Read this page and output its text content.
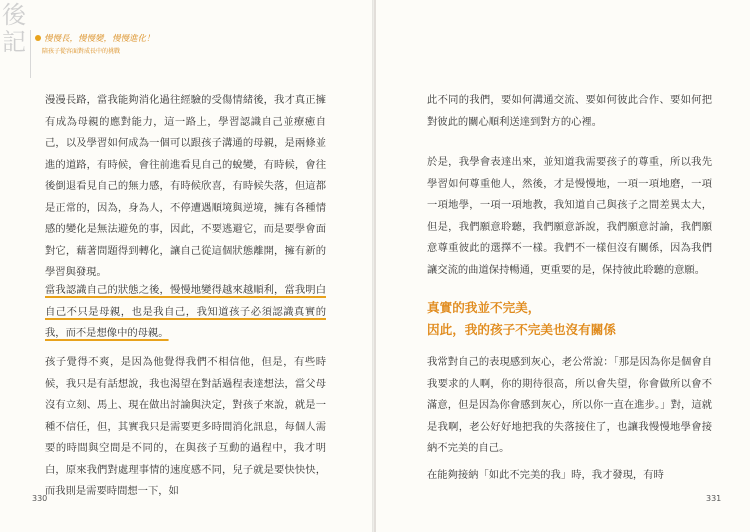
後記 慢慢長，慢慢變，慢慢進化！
陪孩子從容面對成長中的挑戰

漫漫長路，當我能夠消化過往經驗的受傷情緒後，我才真正擁有成為母親的應對能力，這一路上，學習認識自己並療癒自己，以及學習如何成為一個可以跟孩子溝通的母親，是兩條並進的道路，有時候，會往前進看見自己的蛻變，有時候，會往後倒退看見自己的無力感，有時候欣喜，有時候失落，但這都是正常的，因為，身為人，不停遭遇順境與逆境，擁有各種情感的變化是無法避免的事，因此，不要逃避它，而是要學會面對它，藉著問題得到轉化，讓自己從這個狀態離開，擁有新的學習與發現。

當我認識自己的狀態之後，慢慢地變得越來越順利，當我明白自己不只是母親，也是我自己，我知道孩子必須認識真實的我，而不是想像中的母親。

孩子覺得不爽，是因為他覺得我們不相信他，但是，有些時候，我只是有話想說，我也渴望在對話過程表達想法，當父母沒有立刻、馬上、現在做出討論與決定，對孩子來說，就是一種不信任，但，其實我只是需要更多時間消化訊息，每個人需要的時間與空間是不同的，在與孩子互動的過程中，我才明白，原來我們對處理事情的速度感不同，兒子就是要快快快，而我則是需要時間想一下，如

330	331

此不同的我們，要如何溝通交流、要如何彼此合作、要如何把對彼此的關心順利送達到對方的心裡。

於是，我學會表達出來，並知道我需要孩子的尊重，所以我先學習如何尊重他人，然後，才是慢慢地，一項一項地磨，一項一項地學，一項一項地教，我知道自己與孩子之間差異太大，但是，我們願意聆聽，我們願意訴說，我們願意討論，我們願意尊重彼此的選擇不一樣。我們不一樣但沒有關係，因為我們讓交流的曲道保持暢通，更重要的是，保持彼此聆聽的意願。

真實的我並不完美，
因此，我的孩子不完美也沒有關係

我常對自己的表現感到灰心，老公常說：「那是因為你是個會自我要求的人啊，你的期待很高，所以會失望，你會做所以會不滿意，但是因為你會感到灰心，所以你一直在進步。」對，這就是我啊，老公好好地把我的失落接住了，也讓我慢慢地學會接納不完美的自己。

在能夠接納「如此不完美的我」時，我才發現，有時
